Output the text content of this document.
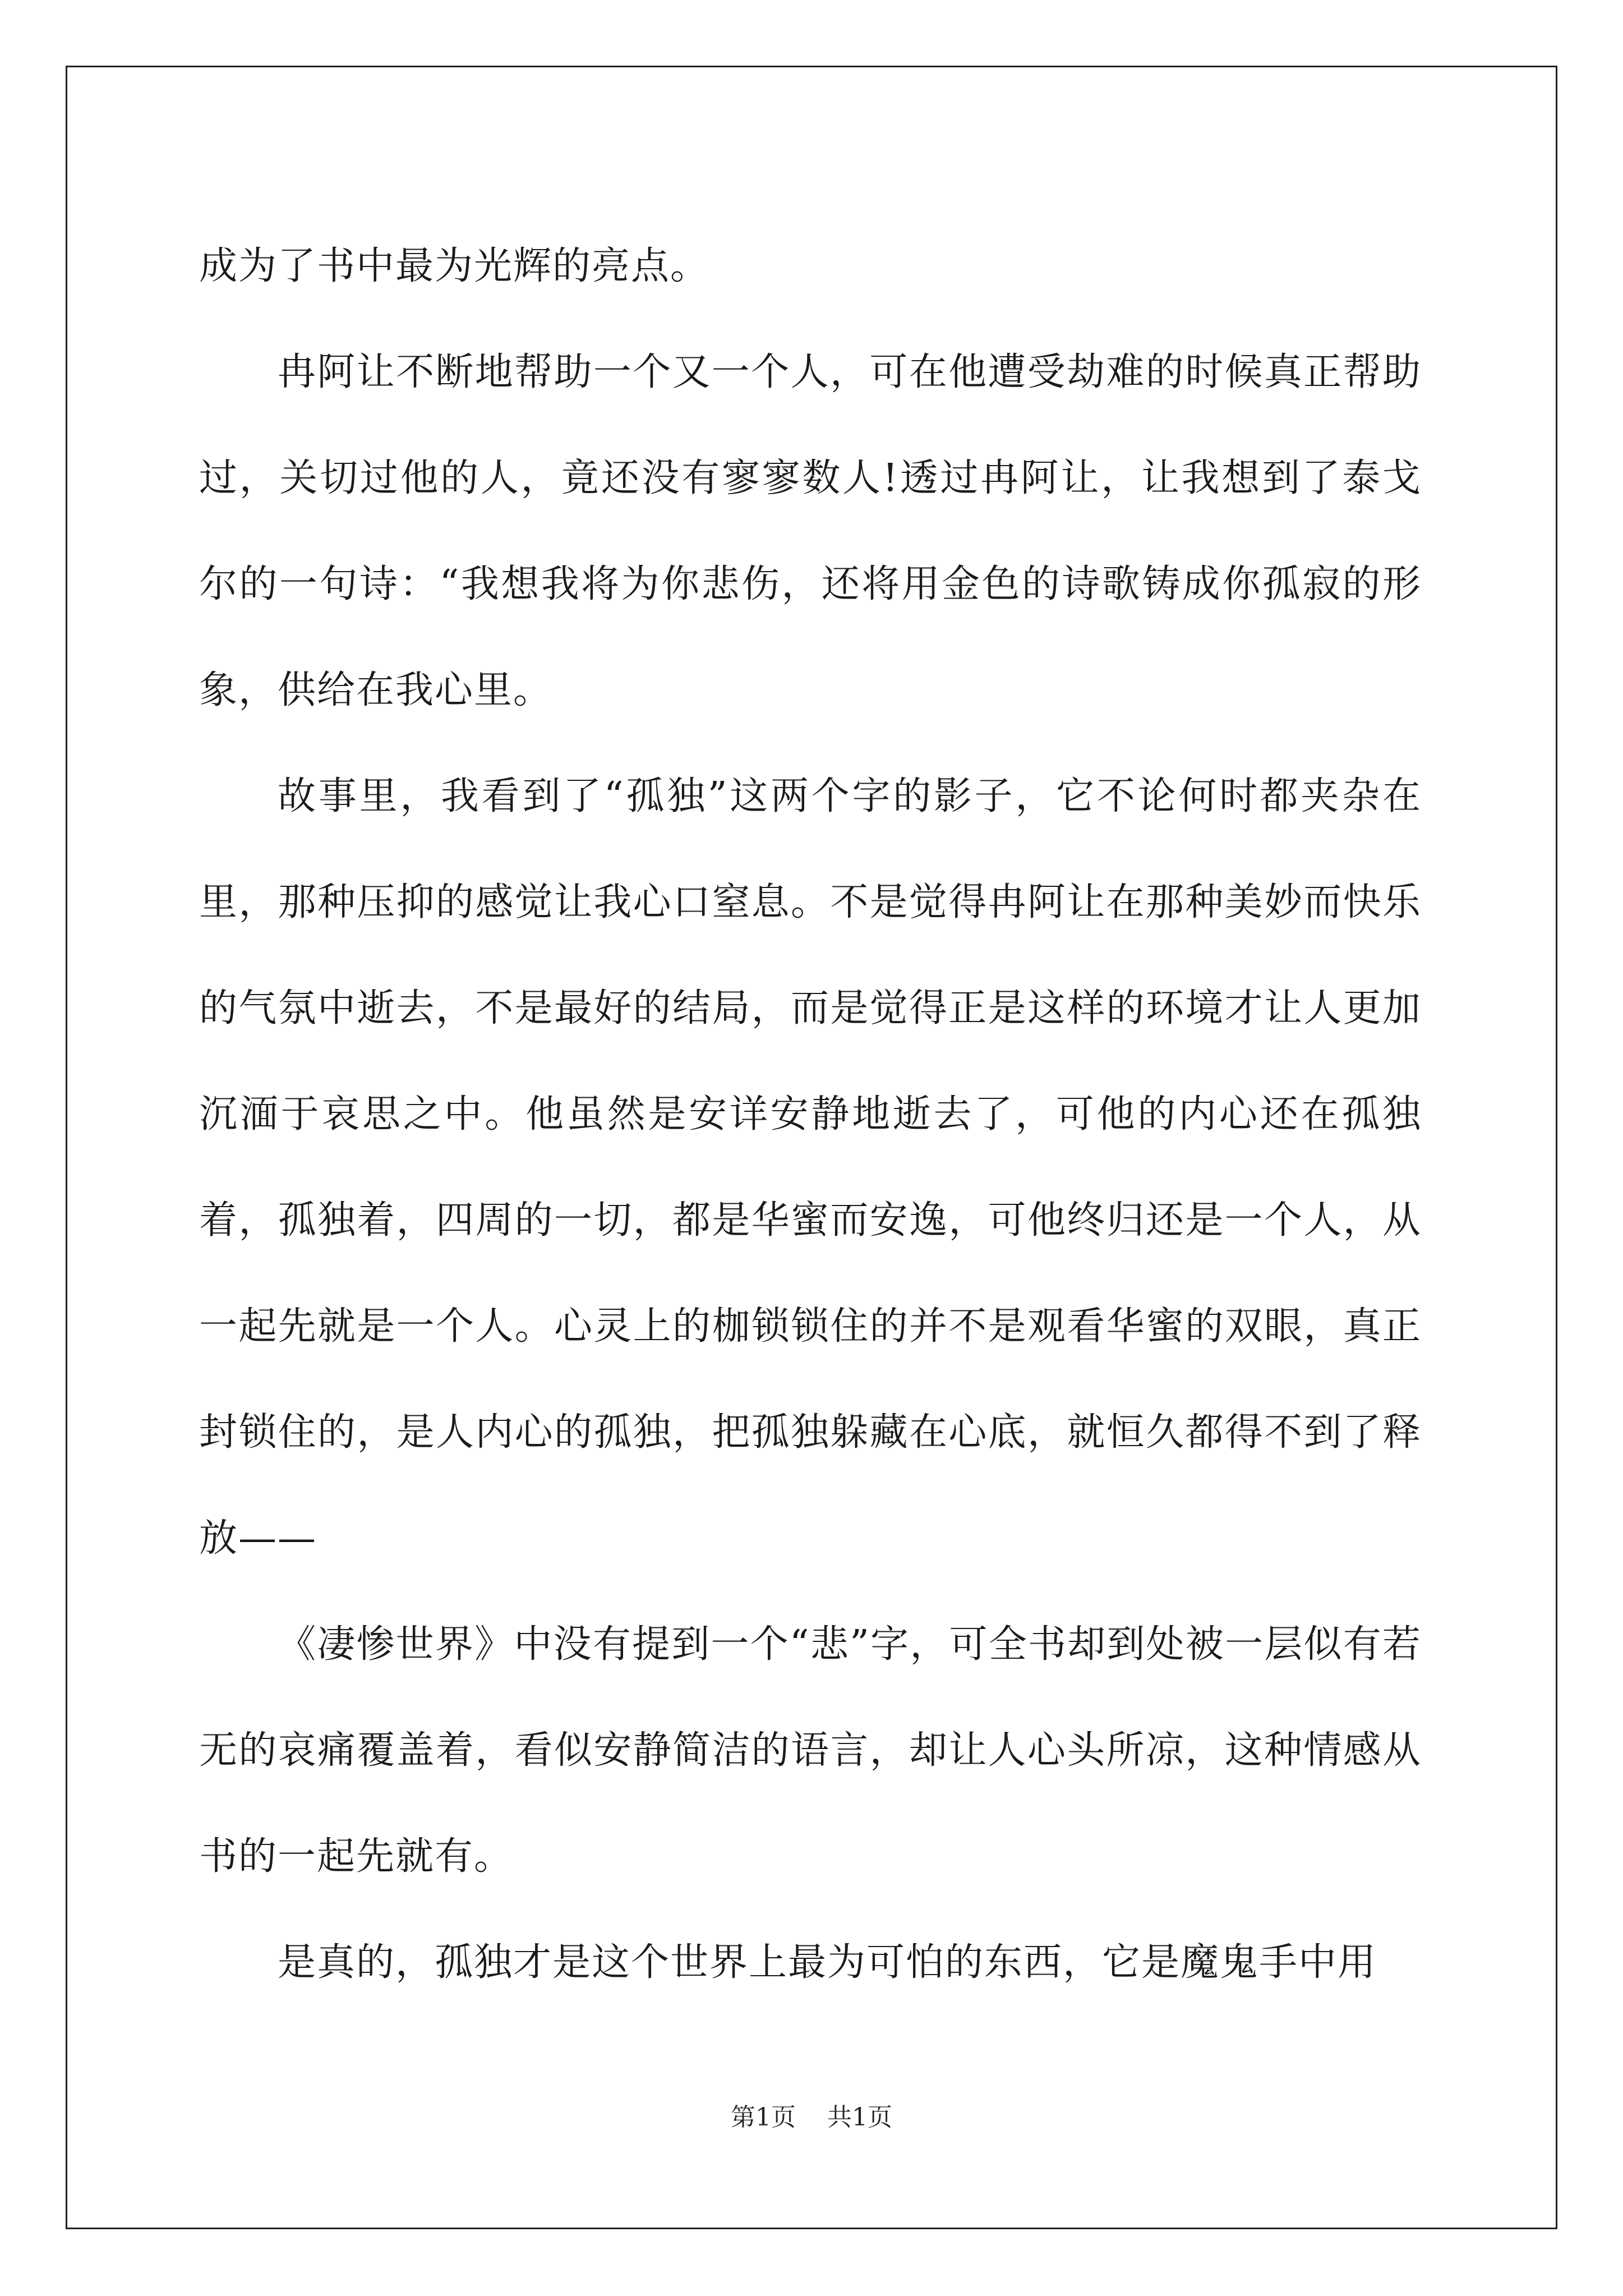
成为了书中最为光辉的亮点。

冉阿让不断地帮助一个又一个人，可在他遭受劫难的时候真正帮助过，关切过他的人，竟还没有寥寥数人!透过冉阿让，让我想到了泰戈尔的一句诗：“我想我将为你悲伤，还将用金色的诗歌铸成你孤寂的形象，供给在我心里。

故事里，我看到了“孤独”这两个字的影子，它不论何时都夹杂在里，那种压抑的感觉让我心口窒息。不是觉得冉阿让在那种美妙而快乐的气氛中逝去，不是最好的结局，而是觉得正是这样的环境才让人更加沉湎于哀思之中。他虽然是安详安静地逝去了，可他的内心还在孤独着，孤独着，四周的一切，都是华蜜而安逸，可他终归还是一个人，从一起先就是一个人。心灵上的枷锁锁住的并不是观看华蜜的双眼，真正封锁住的，是人内心的孤独，把孤独躲藏在心底，就恒久都得不到了释放——

《凄惨世界》中没有提到一个“悲”字，可全书却到处被一层似有若无的哀痛覆盖着，看似安静简洁的语言，却让人心头所凉，这种情感从书的一起先就有。

是真的，孤独才是这个世界上最为可怕的东西，它是魔鬼手中用

第1页    共1页
